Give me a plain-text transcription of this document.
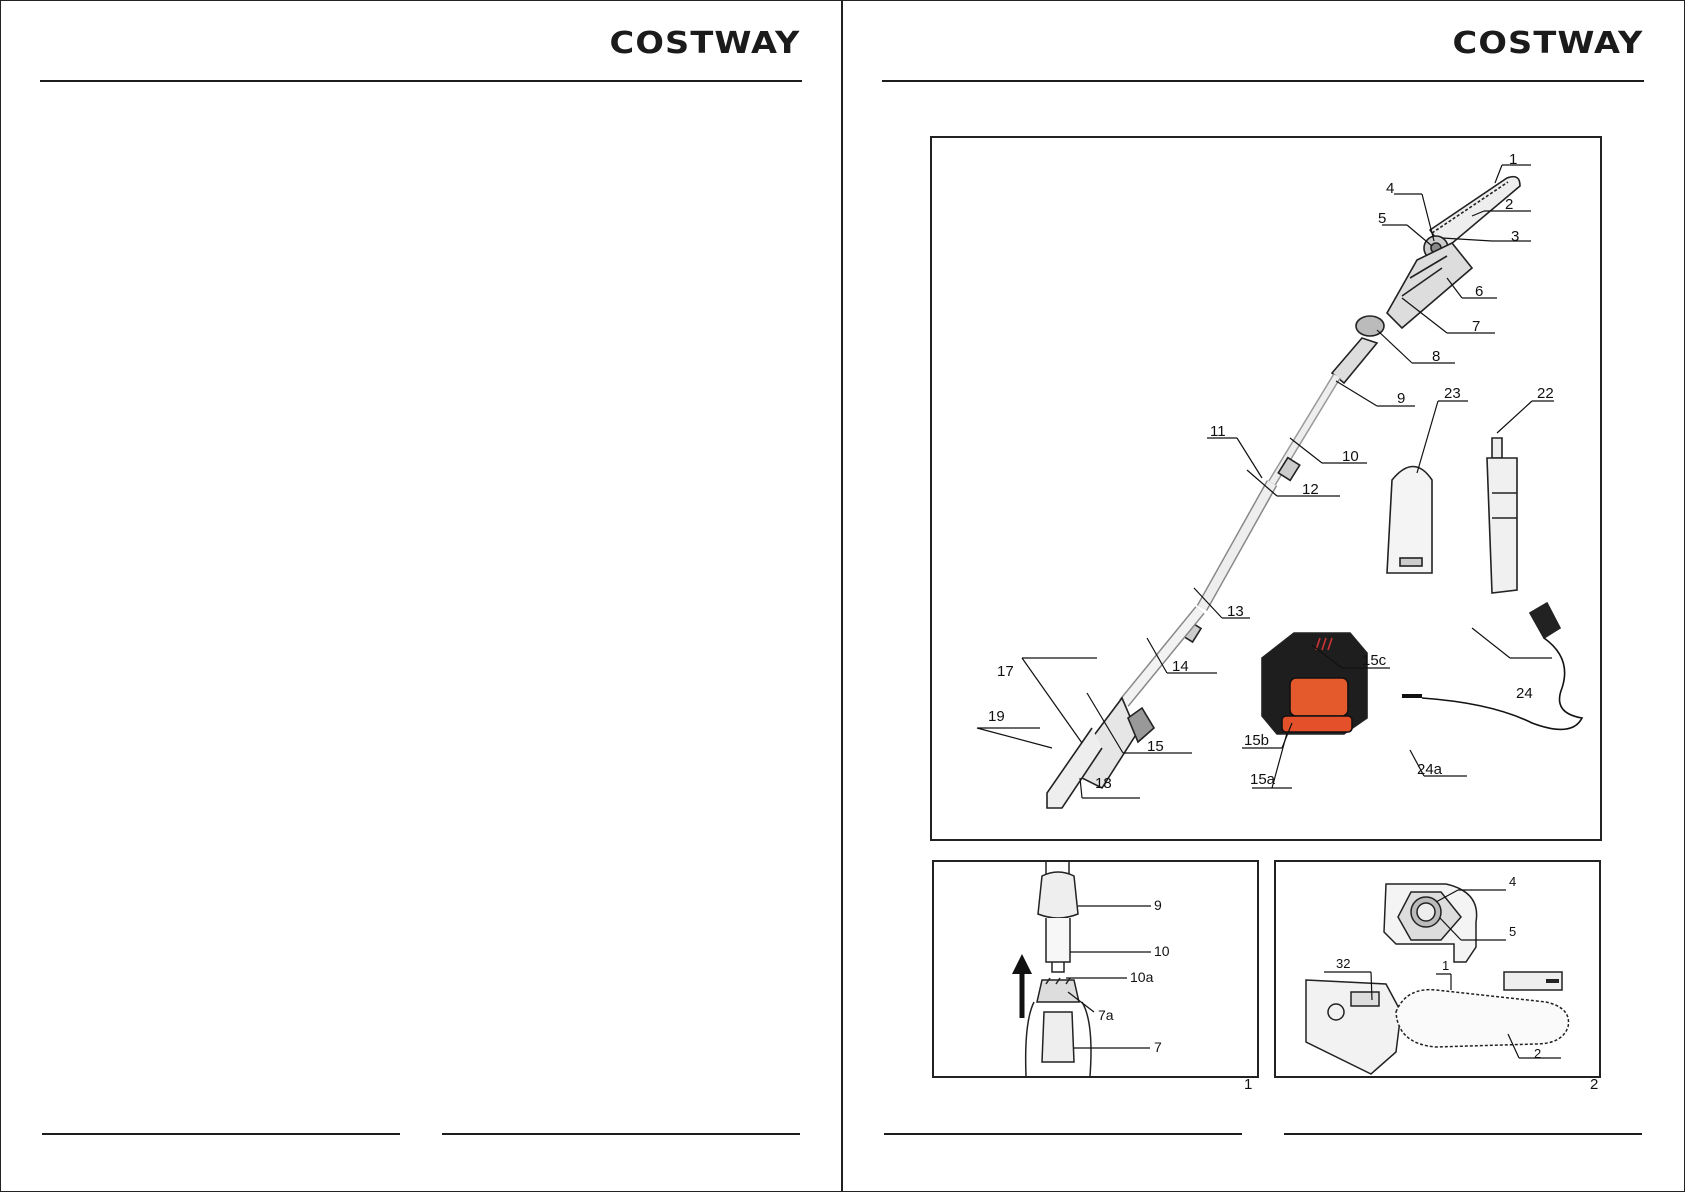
COSTWAY	COSTWAY
1
2
3
4
5
6
7
8
9
10
11
12
13
14
15
15a
15b
15c
17
18
19
22
23
24
24a
9
10
10a
7a
7
1
4
5
32	1
2
2
